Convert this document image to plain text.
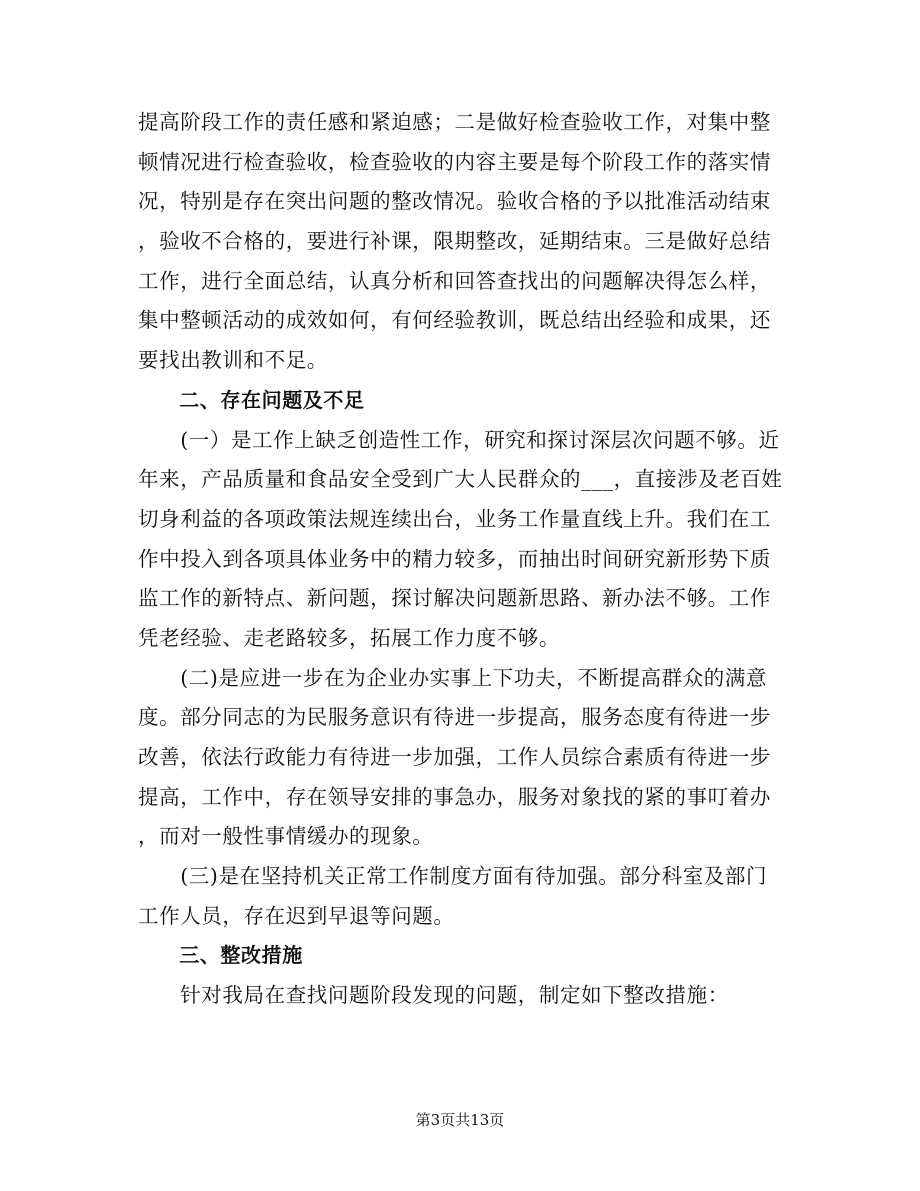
提高阶段工作的责任感和紧迫感；二是做好检查验收工作，对集中整
顿情况进行检查验收，检查验收的内容主要是每个阶段工作的落实情
况，特别是存在突出问题的整改情况。验收合格的予以批准活动结束
，验收不合格的，要进行补课，限期整改，延期结束。三是做好总结
工作，进行全面总结，认真分析和回答查找出的问题解决得怎么样，
集中整顿活动的成效如何，有何经验教训，既总结出经验和成果，还
要找出教训和不足。
　　二、存在问题及不足
　　(一）是工作上缺乏创造性工作，研究和探讨深层次问题不够。近
年来，产品质量和食品安全受到广大人民群众的___，直接涉及老百姓
切身利益的各项政策法规连续出台，业务工作量直线上升。我们在工
作中投入到各项具体业务中的精力较多，而抽出时间研究新形势下质
监工作的新特点、新问题，探讨解决问题新思路、新办法不够。工作
凭老经验、走老路较多，拓展工作力度不够。
　　(二)是应进一步在为企业办实事上下功夫，不断提高群众的满意
度。部分同志的为民服务意识有待进一步提高，服务态度有待进一步
改善，依法行政能力有待进一步加强，工作人员综合素质有待进一步
提高，工作中，存在领导安排的事急办，服务对象找的紧的事叮着办
，而对一般性事情缓办的现象。
　　(三)是在坚持机关正常工作制度方面有待加强。部分科室及部门
工作人员，存在迟到早退等问题。
　　三、整改措施
　　针对我局在查找问题阶段发现的问题，制定如下整改措施：
第3页共13页
